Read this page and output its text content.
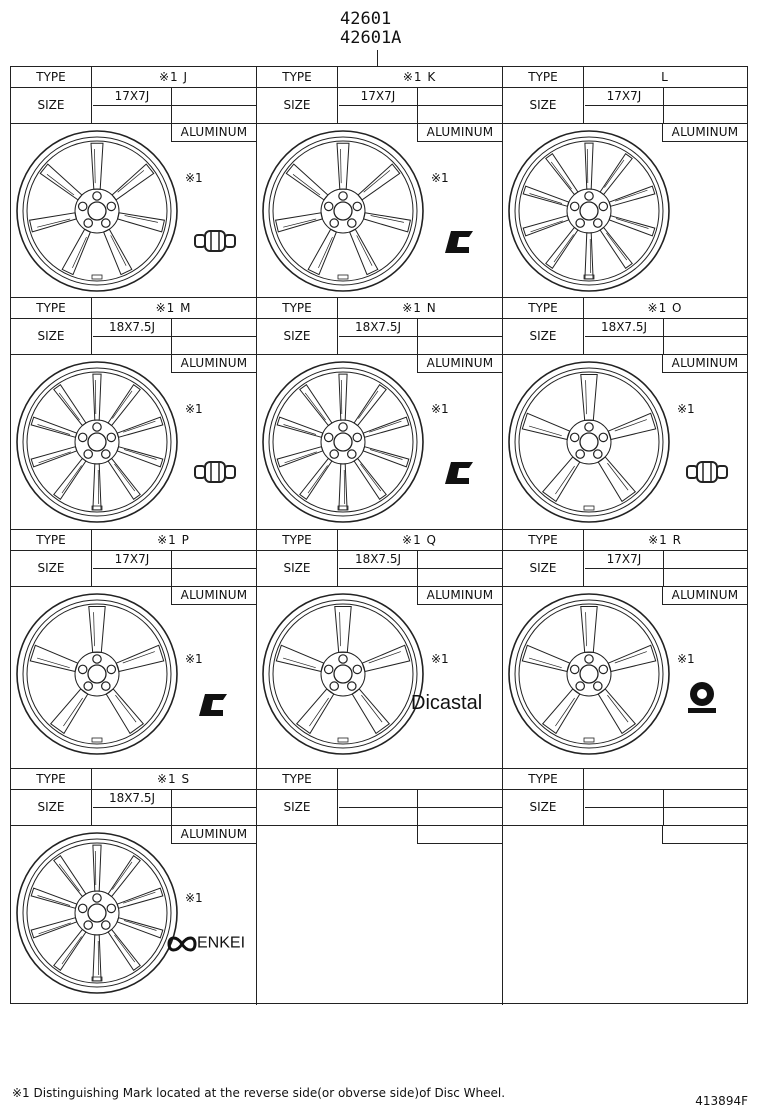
42601
42601A
TYPE	※1 J
SIZE
17X7J
ALUMINUM
※1
TYPE	※1 K
SIZE
17X7J
ALUMINUM
※1
TYPE	L
SIZE
17X7J
ALUMINUM
TYPE	※1 M
SIZE
18X7.5J
ALUMINUM
※1
TYPE	※1 N
SIZE
18X7.5J
ALUMINUM
※1
TYPE	※1 O
SIZE
18X7.5J
ALUMINUM
※1
TYPE	※1 P
SIZE
17X7J
ALUMINUM
※1
TYPE	※1 Q
SIZE
18X7.5J
ALUMINUM
※1
Dicastal
TYPE	※1 R
SIZE
17X7J
ALUMINUM
※1
TYPE	※1 S
SIZE
18X7.5J
ALUMINUM
※1
ENKEI
TYPE
SIZE
TYPE
SIZE
※1 Distinguishing Mark located at the reverse side(or obverse side)of Disc Wheel.
413894F
